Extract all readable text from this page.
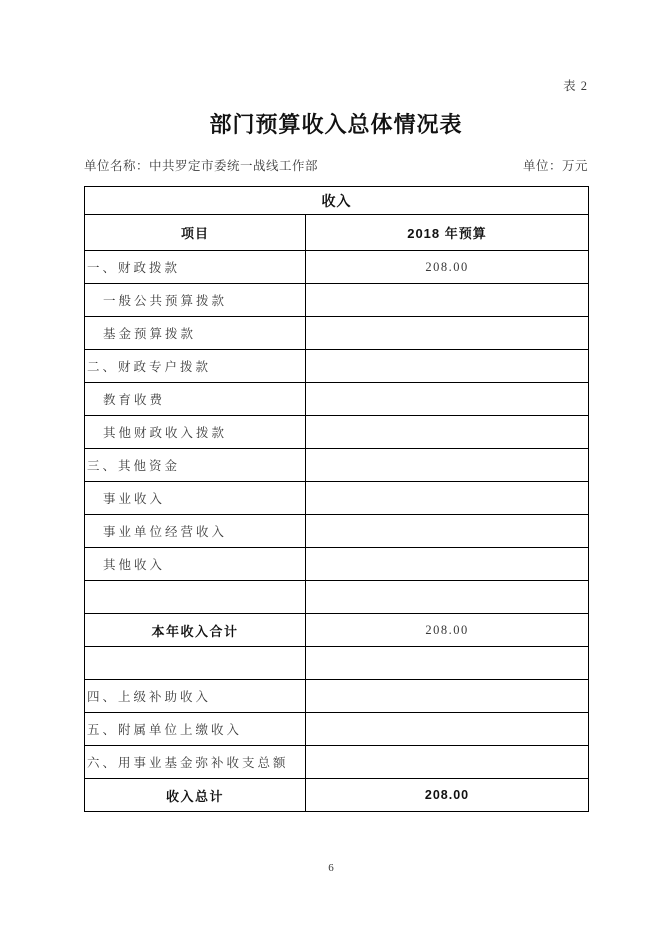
表 2
部门预算收入总体情况表
单位名称：中共罗定市委统一战线工作部	单位：万元
收入	
项目	2018 年预算
一、财政拨款	208.00
一般公共预算拨款	
基金预算拨款	
二、财政专户拨款	
教育收费	
其他财政收入拨款	
三、其他资金	
事业收入	
事业单位经营收入	
其他收入	

本年收入合计	208.00

四、上级补助收入	
五、附属单位上缴收入	
六、用事业基金弥补收支总额	
收入总计	208.00
6
